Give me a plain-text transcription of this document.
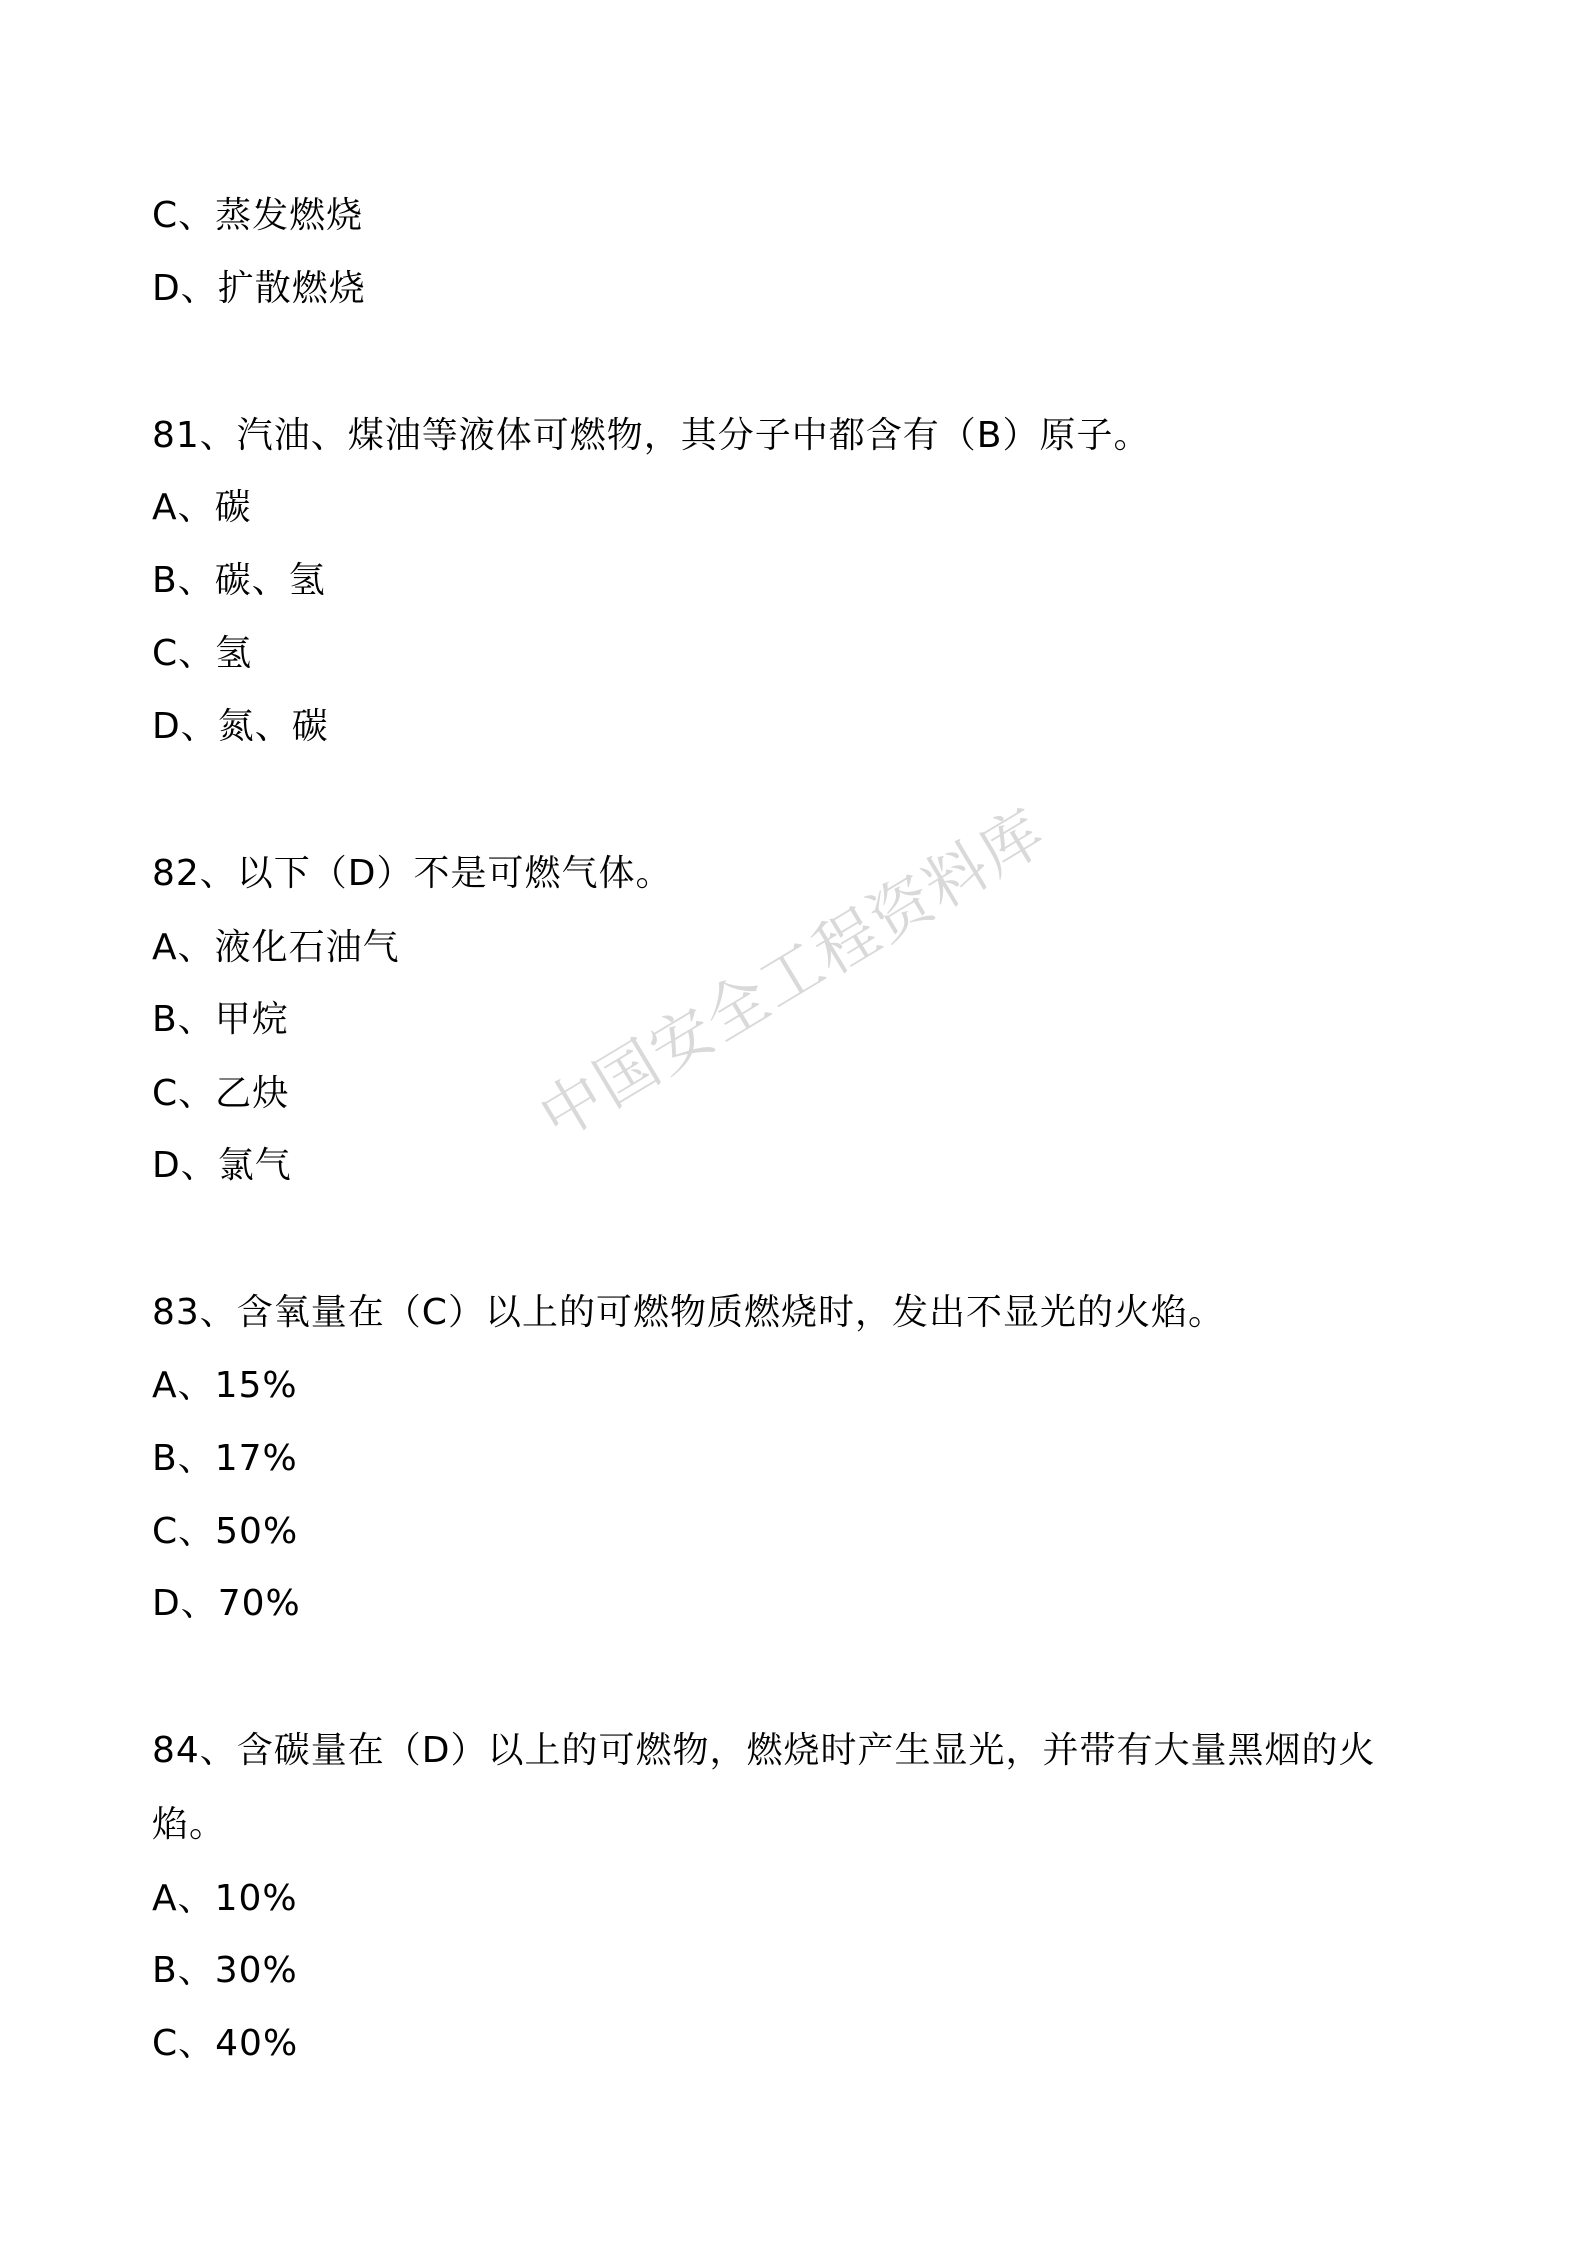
中国安全工程资料库
C、蒸发燃烧
D、扩散燃烧
81、汽油、煤油等液体可燃物，其分子中都含有（B）原子。
A、碳
B、碳、氢
C、氢
D、氮、碳
82、以下（D）不是可燃气体。
A、液化石油气
B、甲烷
C、乙炔
D、氯气
83、含氧量在（C）以上的可燃物质燃烧时，发出不显光的火焰。
A、15%
B、17%
C、50%
D、70%
84、含碳量在（D）以上的可燃物，燃烧时产生显光，并带有大量黑烟的火
焰。
A、10%
B、30%
C、40%
